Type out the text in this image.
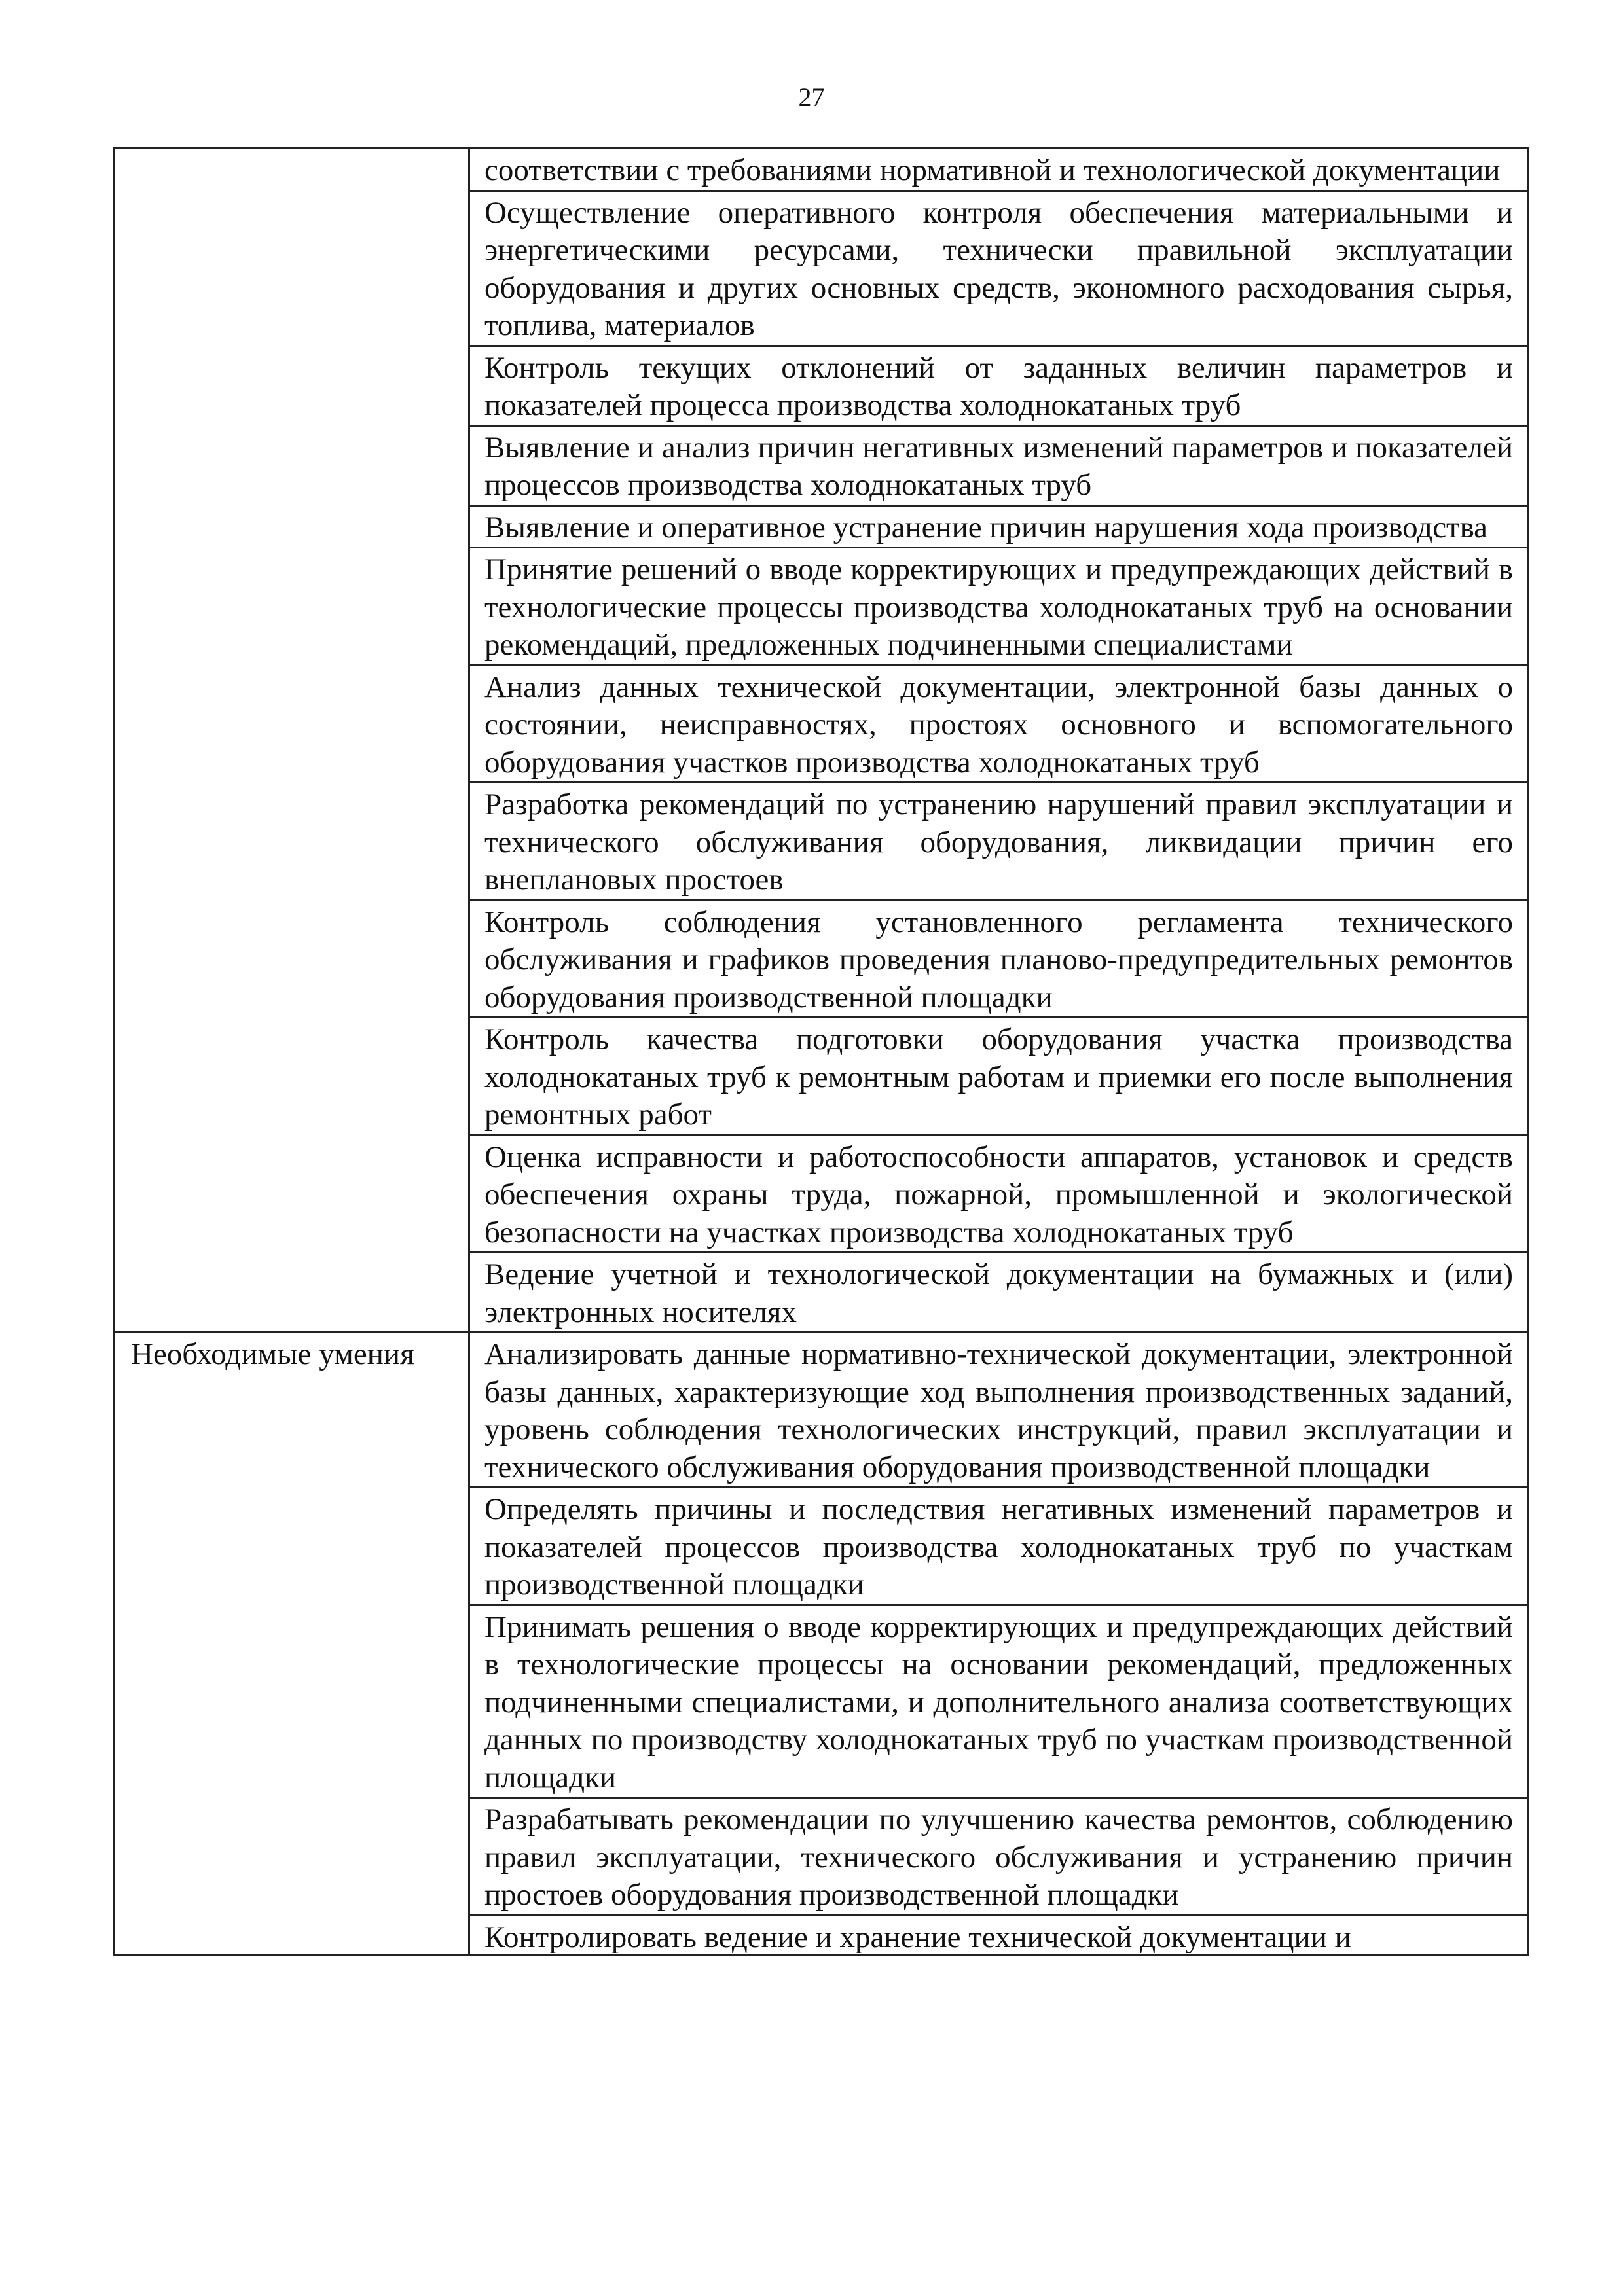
27
	соответствии с требованиями нормативной и технологической документации
	Осуществление оперативного контроля обеспечения материальными и энергетическими ресурсами, технически правильной эксплуатации оборудования и других основных средств, экономного расходования сырья, топлива, материалов
	Контроль текущих отклонений от заданных величин параметров и показателей процесса производства холоднокатаных труб
	Выявление и анализ причин негативных изменений параметров и показателей процессов производства холоднокатаных труб
	Выявление и оперативное устранение причин нарушения хода производства
	Принятие решений о вводе корректирующих и предупреждающих действий в технологические процессы производства холоднокатаных труб на основании рекомендаций, предложенных подчиненными специалистами
	Анализ данных технической документации, электронной базы данных о состоянии, неисправностях, простоях основного и вспомогательного оборудования участков производства холоднокатаных труб
	Разработка рекомендаций по устранению нарушений правил эксплуатации и технического обслуживания оборудования, ликвидации причин его внеплановых простоев
	Контроль соблюдения установленного регламента технического обслуживания и графиков проведения планово-предупредительных ремонтов оборудования производственной площадки
	Контроль качества подготовки оборудования участка производства холоднокатаных труб к ремонтным работам и приемки его после выполнения ремонтных работ
	Оценка исправности и работоспособности аппаратов, установок и средств обеспечения охраны труда, пожарной, промышленной и экологической безопасности на участках производства холоднокатаных труб
	Ведение учетной и технологической документации на бумажных и (или) электронных носителях
Необходимые умения	Анализировать данные нормативно-технической документации, электронной базы данных, характеризующие ход выполнения производственных заданий, уровень соблюдения технологических инструкций, правил эксплуатации и технического обслуживания оборудования производственной площадки
	Определять причины и последствия негативных изменений параметров и показателей процессов производства холоднокатаных труб по участкам производственной площадки
	Принимать решения о вводе корректирующих и предупреждающих действий в технологические процессы на основании рекомендаций, предложенных подчиненными специалистами, и дополнительного анализа соответствующих данных по производству холоднокатаных труб по участкам производственной площадки
	Разрабатывать рекомендации по улучшению качества ремонтов, соблюдению правил эксплуатации, технического обслуживания и устранению причин простоев оборудования производственной площадки

	Контролировать ведение и хранение технической документации и
